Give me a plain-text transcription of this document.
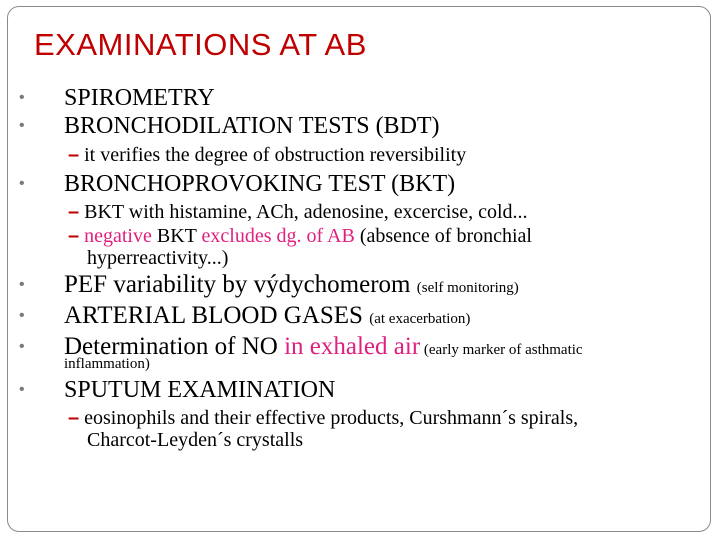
EXAMINATIONS AT AB
• SPIROMETRY
• BRONCHODILATION TESTS (BDT)
– it verifies the degree of obstruction reversibility
• BRONCHOPROVOKING TEST (BKT)
– BKT with histamine, ACh, adenosine, excercise, cold...
– negative BKT excludes dg. of AB (absence of bronchial
hyperreactivity...)
• PEF variability by výdychomerom (self monitoring)
• ARTERIAL BLOOD GASES (at exacerbation)
• Determination of NO in exhaled air (early marker of asthmatic
inflammation)
• SPUTUM EXAMINATION
– eosinophils and their effective products, Curshmann´s spirals,
Charcot-Leyden´s crystalls
